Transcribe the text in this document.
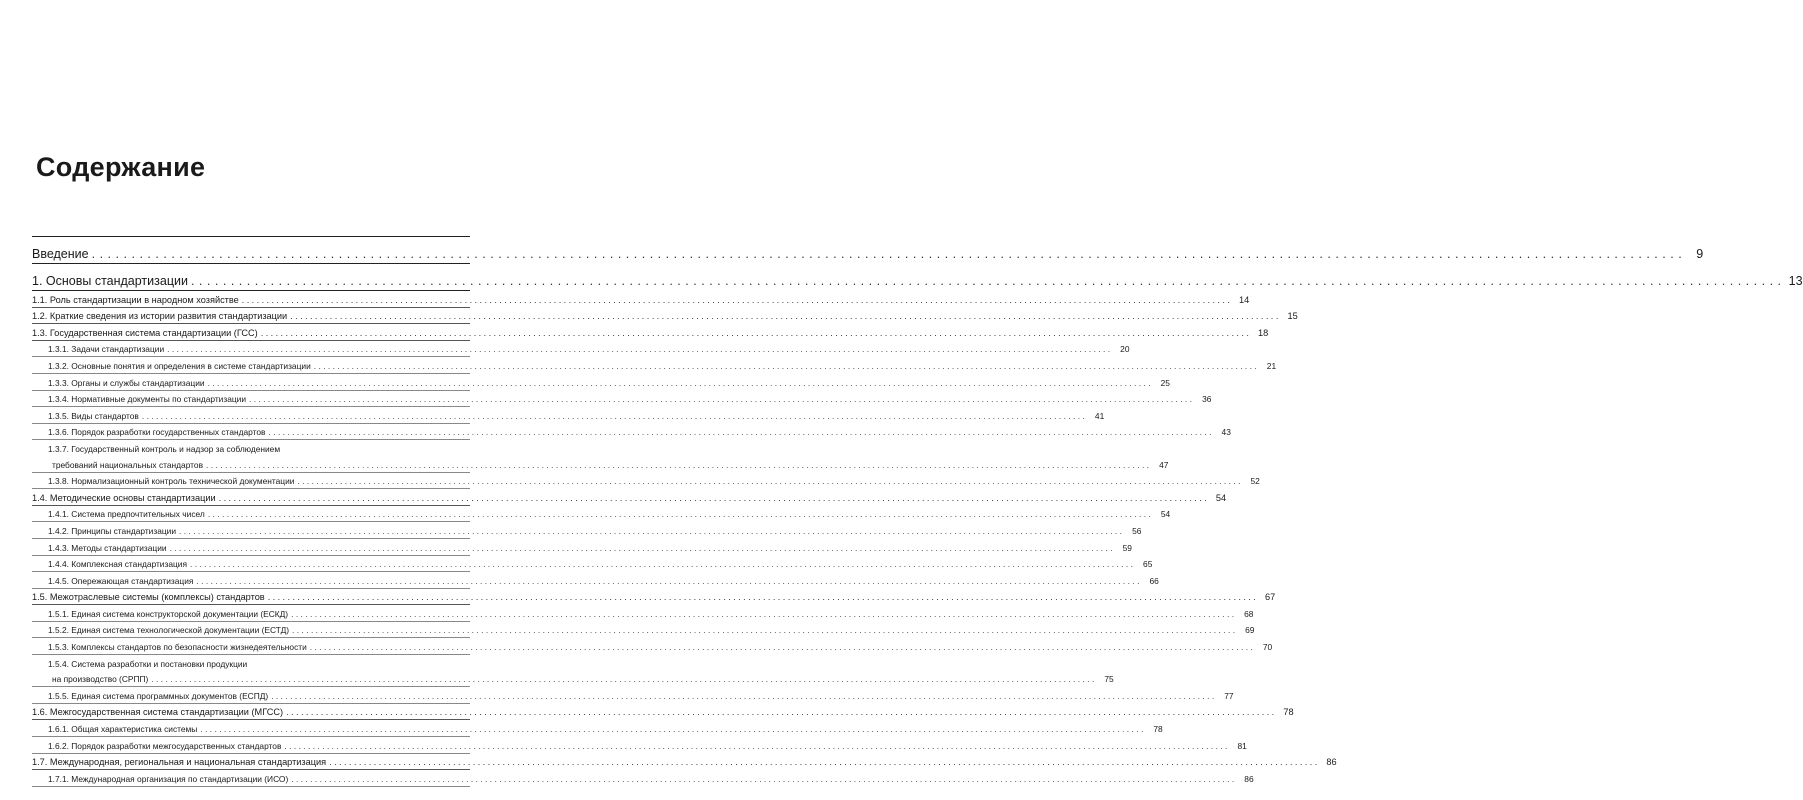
Содержание
Введение ........................................................................................................................................................................................................ 9
1. Основы стандартизации ........................................................................................................................................................................................................ 13
1.1. Роль стандартизации в народном хозяйстве ........................................................................................................................................................................................................ 14
1.2. Краткие сведения из истории развития стандартизации ........................................................................................................................................................................................................ 15
1.3. Государственная система стандартизации (ГСС) ........................................................................................................................................................................................................ 18
1.3.1. Задачи стандартизации ........................................................................................................................................................................................................ 20
1.3.2. Основные понятия и определения в системе стандартизации ........................................................................................................................................................................................................ 21
1.3.3. Органы и службы стандартизации ........................................................................................................................................................................................................ 25
1.3.4. Нормативные документы по стандартизации ........................................................................................................................................................................................................ 36
1.3.5. Виды стандартов ........................................................................................................................................................................................................ 41
1.3.6. Порядок разработки государственных стандартов ........................................................................................................................................................................................................ 43
1.3.7. Государственный контроль и надзор за соблюдением
требований национальных стандартов ........................................................................................................................................................................................................ 47
1.3.8. Нормализационный контроль технической документации ........................................................................................................................................................................................................ 52
1.4. Методические основы стандартизации ........................................................................................................................................................................................................ 54
1.4.1. Система предпочтительных чисел ........................................................................................................................................................................................................ 54
1.4.2. Принципы стандартизации ........................................................................................................................................................................................................ 56
1.4.3. Методы стандартизации ........................................................................................................................................................................................................ 59
1.4.4. Комплексная стандартизация ........................................................................................................................................................................................................ 65
1.4.5. Опережающая стандартизация ........................................................................................................................................................................................................ 66
1.5. Межотраслевые системы (комплексы) стандартов ........................................................................................................................................................................................................ 67
1.5.1. Единая система конструкторской документации (ЕСКД) ........................................................................................................................................................................................................ 68
1.5.2. Единая система технологической документации (ЕСТД) ........................................................................................................................................................................................................ 69
1.5.3. Комплексы стандартов по безопасности жизнедеятельности ........................................................................................................................................................................................................ 70
1.5.4. Система разработки и постановки продукции
на производство (СРПП) ........................................................................................................................................................................................................ 75
1.5.5. Единая система программных документов (ЕСПД) ........................................................................................................................................................................................................ 77
1.6. Межгосударственная система стандартизации (МГСС) ........................................................................................................................................................................................................ 78
1.6.1. Общая характеристика системы ........................................................................................................................................................................................................ 78
1.6.2. Порядок разработки межгосударственных стандартов ........................................................................................................................................................................................................ 81
1.7. Международная, региональная и национальная стандартизация ........................................................................................................................................................................................................ 86
1.7.1. Международная организация по стандартизации (ИСО) ........................................................................................................................................................................................................ 86
